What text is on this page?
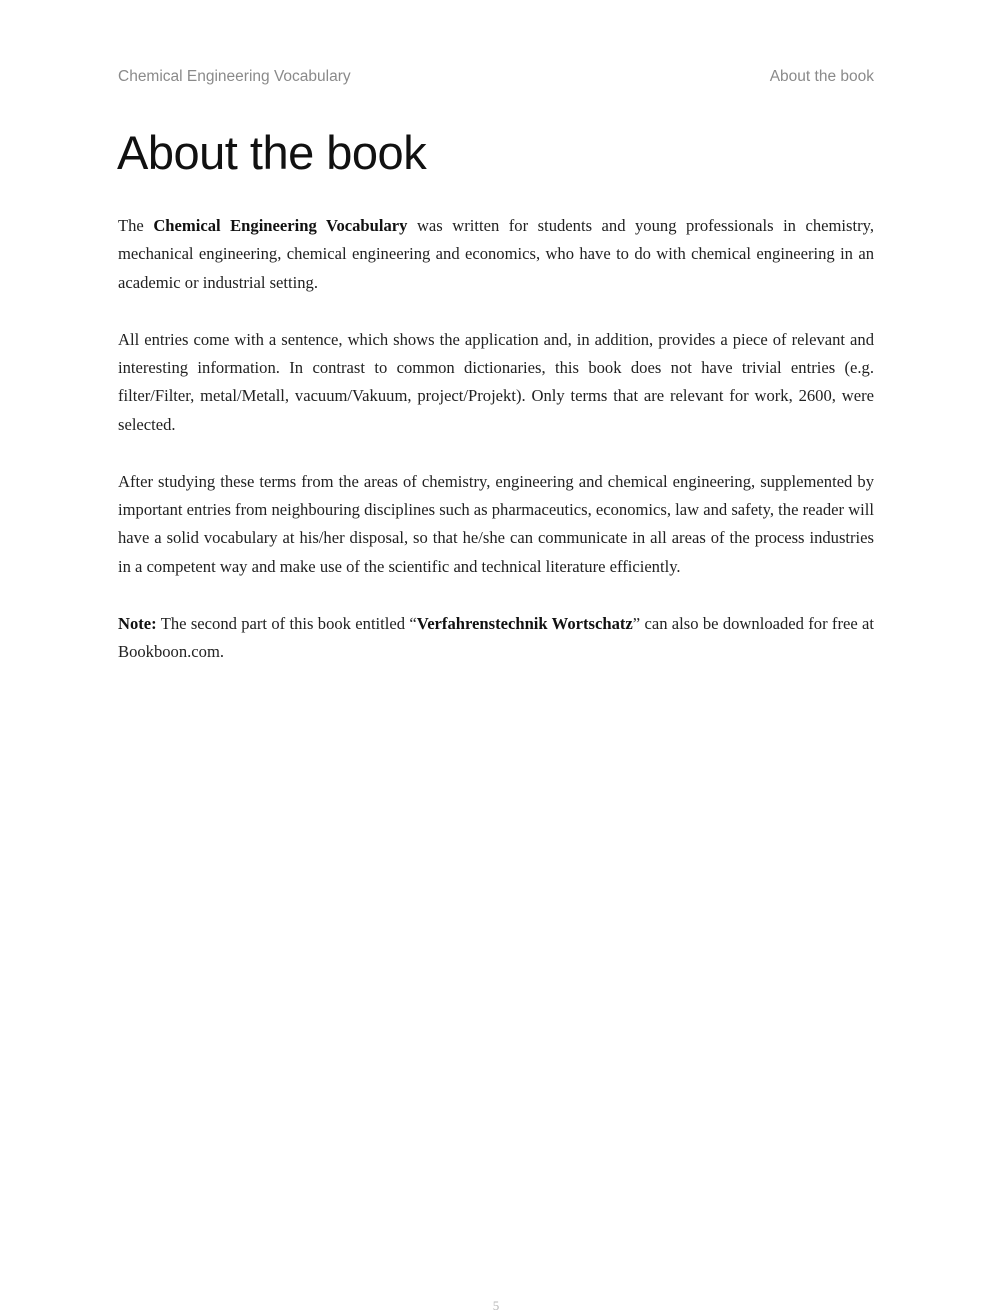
Chemical Engineering Vocabulary	About the book
About the book

The Chemical Engineering Vocabulary was written for students and young professionals in chemistry, mechanical engineering, chemical engineering and economics, who have to do with chemical engineering in an academic or industrial setting.

All entries come with a sentence, which shows the application and, in addition, provides a piece of relevant and interesting information. In contrast to common dictionaries, this book does not have trivial entries (e.g. filter/Filter, metal/Metall, vacuum/Vakuum, project/Projekt). Only terms that are relevant for work, 2600, were selected.

After studying these terms from the areas of chemistry, engineering and chemical engineering, supplemented by important entries from neighbouring disciplines such as pharmaceutics, economics, law and safety, the reader will have a solid vocabulary at his/her disposal, so that he/she can communicate in all areas of the process industries in a competent way and make use of the scientific and technical literature efficiently.

Note: The second part of this book entitled “Verfahrenstechnik Wortschatz” can also be downloaded for free at Bookboon.com.

5
